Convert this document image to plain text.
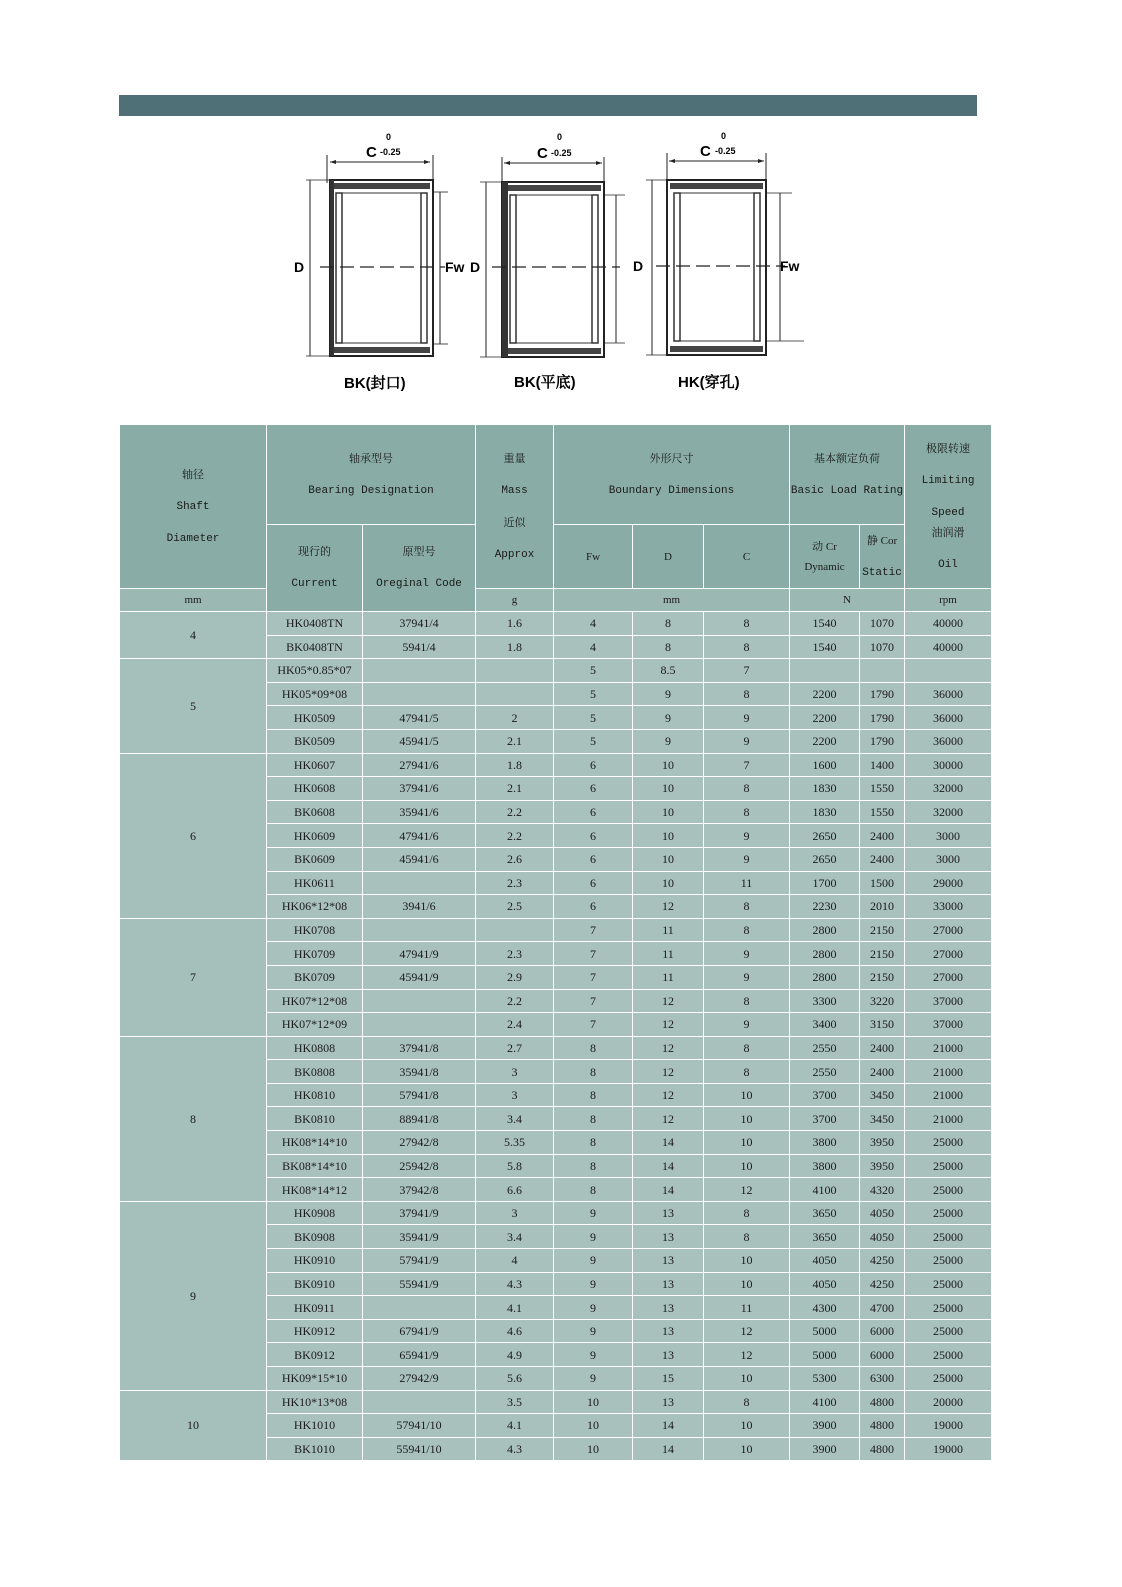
C
0
-0.25
D	Fw
C
0
-0.25
D
C
0
-0.25
D	Fw
BK(封口)	BK(平底)	HK(穿孔)
轴径
Shaft
Diameter	轴承型号
Bearing Designation		重量
Mass
近似
Approx	外形尺寸
Boundary Dimensions			基本额定负荷
Basic Load Rating		极限转速
Limiting
Speed
油润滑
Oil

	现行的
Current	原型号
Oreginal Code		Fw	D	C	动 Cr
Dynamic	静 Cor
Static	

mm			g	mm			N		rpm
4	HK0408TN	37941/4	1.6	4	8	8	1540	1070	40000
	BK0408TN	5941/4	1.8	4	8	8	1540	1070	40000
5	HK05*0.85*07			5	8.5	7			
	HK05*09*08			5	9	8	2200	1790	36000
	HK0509	47941/5	2	5	9	9	2200	1790	36000
	BK0509	45941/5	2.1	5	9	9	2200	1790	36000
6	HK0607	27941/6	1.8	6	10	7	1600	1400	30000
	HK0608	37941/6	2.1	6	10	8	1830	1550	32000
	BK0608	35941/6	2.2	6	10	8	1830	1550	32000
	HK0609	47941/6	2.2	6	10	9	2650	2400	3000
	BK0609	45941/6	2.6	6	10	9	2650	2400	3000
	HK0611		2.3	6	10	11	1700	1500	29000
	HK06*12*08	3941/6	2.5	6	12	8	2230	2010	33000
7	HK0708			7	11	8	2800	2150	27000
	HK0709	47941/9	2.3	7	11	9	2800	2150	27000
	BK0709	45941/9	2.9	7	11	9	2800	2150	27000
	HK07*12*08		2.2	7	12	8	3300	3220	37000
	HK07*12*09		2.4	7	12	9	3400	3150	37000
8	HK0808	37941/8	2.7	8	12	8	2550	2400	21000
	BK0808	35941/8	3	8	12	8	2550	2400	21000
	HK0810	57941/8	3	8	12	10	3700	3450	21000
	BK0810	88941/8	3.4	8	12	10	3700	3450	21000
	HK08*14*10	27942/8	5.35	8	14	10	3800	3950	25000
	BK08*14*10	25942/8	5.8	8	14	10	3800	3950	25000
	HK08*14*12	37942/8	6.6	8	14	12	4100	4320	25000
9	HK0908	37941/9	3	9	13	8	3650	4050	25000
	BK0908	35941/9	3.4	9	13	8	3650	4050	25000
	HK0910	57941/9	4	9	13	10	4050	4250	25000
	BK0910	55941/9	4.3	9	13	10	4050	4250	25000
	HK0911		4.1	9	13	11	4300	4700	25000
	HK0912	67941/9	4.6	9	13	12	5000	6000	25000
	BK0912	65941/9	4.9	9	13	12	5000	6000	25000
	HK09*15*10	27942/9	5.6	9	15	10	5300	6300	25000
10	HK10*13*08		3.5	10	13	8	4100	4800	20000
	HK1010	57941/10	4.1	10	14	10	3900	4800	19000
	BK1010	55941/10	4.3	10	14	10	3900	4800	19000
